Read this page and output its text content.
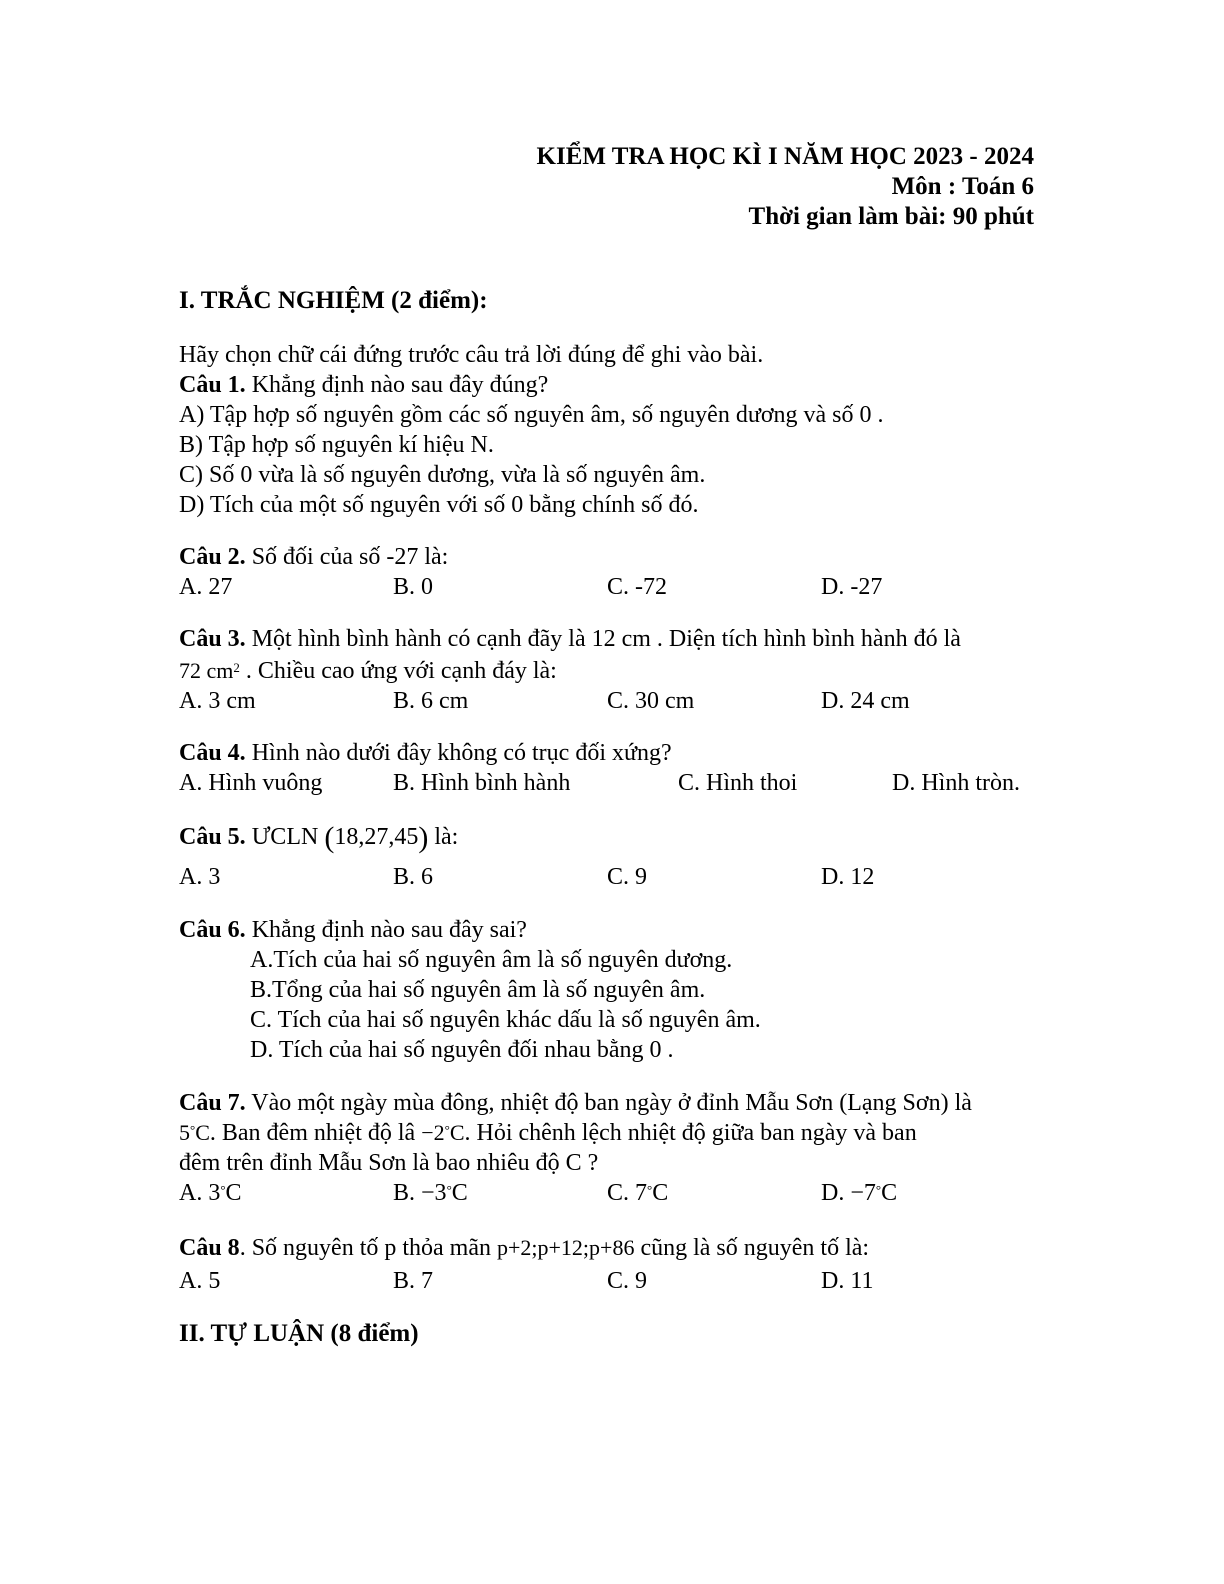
KIỂM TRA HỌC KÌ I NĂM HỌC 2023 - 2024
Môn : Toán 6
Thời gian làm bài: 90 phút
I. TRẮC NGHIỆM (2 điểm):
Hãy chọn chữ cái đứng trước câu trả lời đúng để ghi vào bài.
Câu 1. Khẳng định nào sau đây đúng?
A) Tập hợp số nguyên gồm các số nguyên âm, số nguyên dương và số 0 .
B) Tập hợp số nguyên kí hiệu N.
C) Số 0 vừa là số nguyên dương, vừa là số nguyên âm.
D) Tích của một số nguyên với số 0 bằng chính số đó.
Câu 2. Số đối của số -27 là:
A. 27	B. 0	C. -72	D. -27
Câu 3. Một hình bình hành có cạnh đãy là 12 cm . Diện tích hình bình hành đó là
72 $cm^2$ . Chiều cao ứng với cạnh đáy là:
A. 3 cm	B. 6 cm	C. 30 cm	D. 24 cm
Câu 4. Hình nào dưới đây không có trục đối xứng?
A. Hình vuông	B. Hình bình hành	C. Hình thoi	D. Hình tròn.
Câu 5. ƯCLN (18,27,45) là:
A. 3	B. 6	C. 9	D. 12
Câu 6. Khẳng định nào sau đây sai?
A.Tích của hai số nguyên âm là số nguyên dương.
B.Tổng của hai số nguyên âm là số nguyên âm.
C. Tích của hai số nguyên khác dấu là số nguyên âm.
D. Tích của hai số nguyên đối nhau bằng 0 .
Câu 7. Vào một ngày mùa đông, nhiệt độ ban ngày ở đỉnh Mẫu Sơn (Lạng Sơn) là
5°C. Ban đêm nhiệt độ lâ −2°C. Hỏi chênh lệch nhiệt độ giữa ban ngày và ban
đêm trên đỉnh Mẫu Sơn là bao nhiêu độ C ?
A. 3°C	B. −3°C	C. 7°C	D. −7°C
Câu 8. Số nguyên tố p thỏa mãn p+2;p+12;p+86 cũng là số nguyên tố là:
A. 5	B. 7	C. 9	D. 11
II. TỰ LUẬN (8 điểm)
